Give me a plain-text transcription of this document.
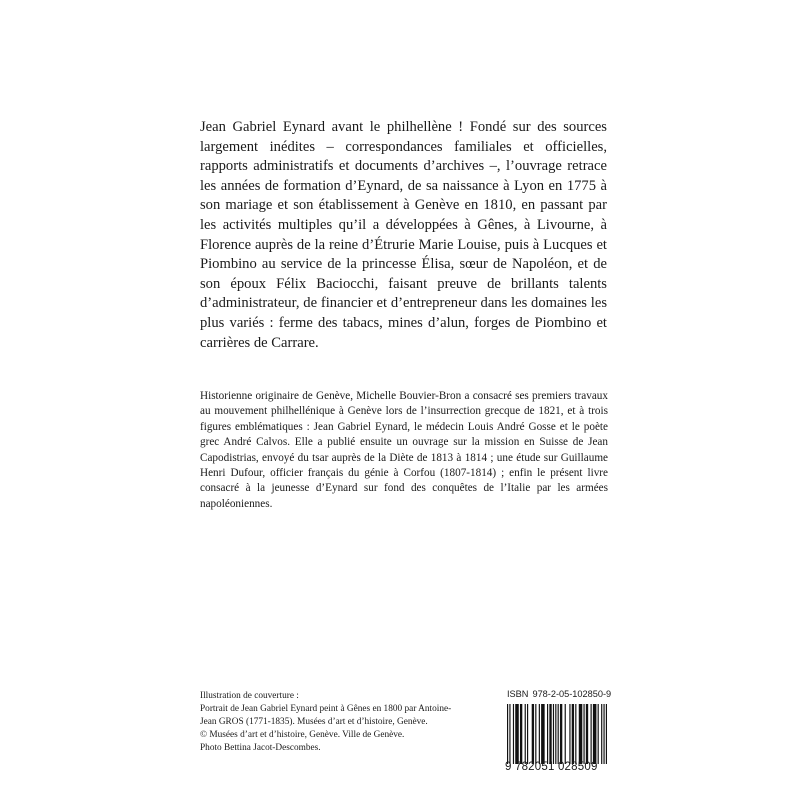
Jean Gabriel Eynard avant le philhellène ! Fondé sur des sources largement inédites – correspondances familiales et officielles, rapports administratifs et documents d’archives –, l’ouvrage retrace les années de formation d’Eynard, de sa naissance à Lyon en 1775 à son mariage et son établissement à Genève en 1810, en passant par les activités multiples qu’il a développées à Gênes, à Livourne, à Florence auprès de la reine d’Étrurie Marie Louise, puis à Lucques et Piombino au service de la princesse Élisa, sœur de Napoléon, et de son époux Félix Baciocchi, faisant preuve de brillants talents d’administrateur, de financier et d’entrepreneur dans les domaines les plus variés : ferme des tabacs, mines d’alun, forges de Piombino et carrières de Carrare.

Historienne originaire de Genève, Michelle Bouvier-Bron a consacré ses premiers travaux au mouvement philhellénique à Genève lors de l’insurrection grecque de 1821, et à trois figures emblématiques : Jean Gabriel Eynard, le médecin Louis André Gosse et le poète grec André Calvos. Elle a publié ensuite un ouvrage sur la mission en Suisse de Jean Capodistrias, envoyé du tsar auprès de la Diète de 1813 à 1814 ; une étude sur Guillaume Henri Dufour, officier français du génie à Corfou (1807-1814) ; enfin le présent livre consacré à la jeunesse d’Eynard sur fond des conquêtes de l’Italie par les armées napoléoniennes.

Illustration de couverture :
Portrait de Jean Gabriel Eynard peint à Gênes en 1800 par Antoine-
Jean GROS (1771-1835). Musées d’art et d’histoire, Genève.
© Musées d’art et d’histoire, Genève. Ville de Genève.
Photo Bettina Jacot-Descombes.
ISBN 978-2-05-102850-9
9 782051 028509
